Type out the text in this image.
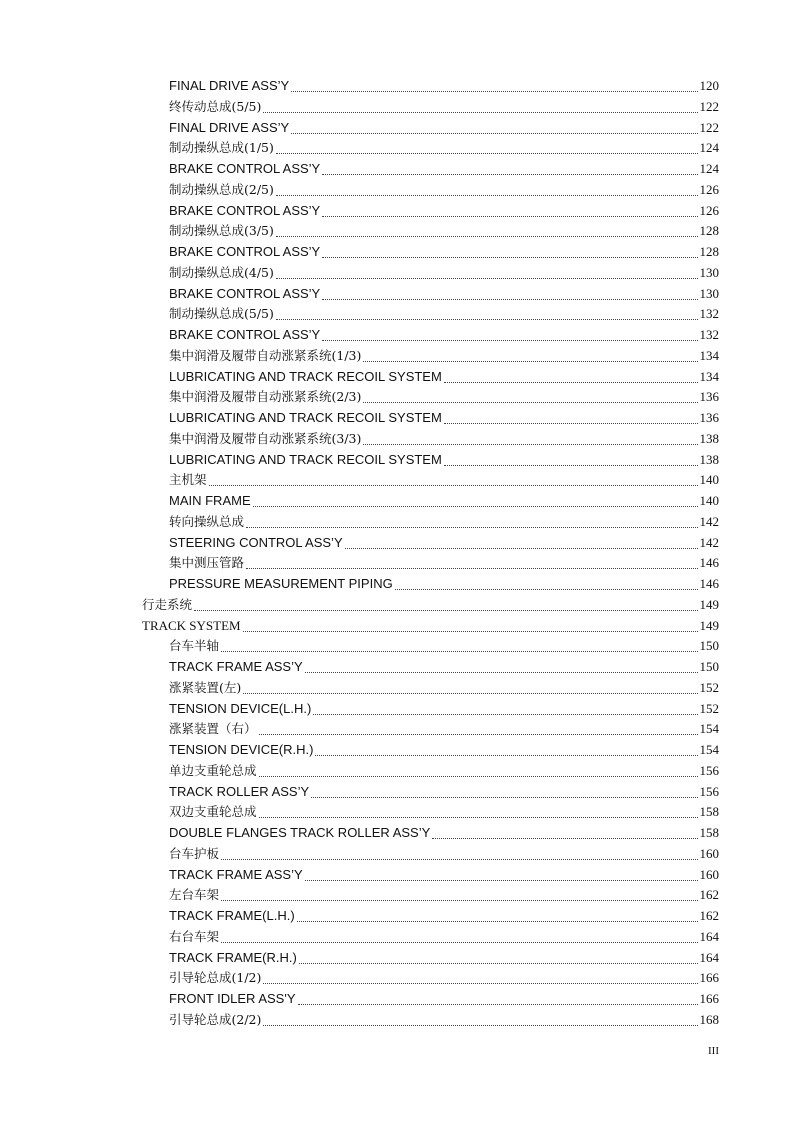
FINAL DRIVE ASS’Y	120
终传动总成(5/5)	122
FINAL DRIVE ASS’Y	122
制动操纵总成(1/5)	124
BRAKE CONTROL ASS’Y	124
制动操纵总成(2/5)	126
BRAKE CONTROL ASS’Y	126
制动操纵总成(3/5)	128
BRAKE CONTROL ASS’Y	128
制动操纵总成(4/5)	130
BRAKE CONTROL ASS’Y	130
制动操纵总成(5/5)	132
BRAKE CONTROL ASS’Y	132
集中润滑及履带自动涨紧系统(1/3)	134
LUBRICATING AND TRACK RECOIL SYSTEM	134
集中润滑及履带自动涨紧系统(2/3)	136
LUBRICATING AND TRACK RECOIL SYSTEM	136
集中润滑及履带自动涨紧系统(3/3)	138
LUBRICATING AND TRACK RECOIL SYSTEM	138
主机架	140
MAIN FRAME	140
转向操纵总成	142
STEERING CONTROL ASS’Y	142
集中测压管路	146
PRESSURE MEASUREMENT PIPING	146
行走系统	149
TRACK SYSTEM	149
台车半轴	150
TRACK FRAME ASS’Y	150
涨紧装置(左)	152
TENSION DEVICE(L.H.)	152
涨紧装置（右）	154
TENSION DEVICE(R.H.)	154
单边支重轮总成	156
TRACK ROLLER ASS’Y	156
双边支重轮总成	158
DOUBLE FLANGES TRACK ROLLER ASS’Y	158
台车护板	160
TRACK FRAME ASS’Y	160
左台车架	162
TRACK FRAME(L.H.)	162
右台车架	164
TRACK FRAME(R.H.)	164
引导轮总成(1/2)	166
FRONT IDLER ASS'Y	166
引导轮总成(2/2)	168
III
